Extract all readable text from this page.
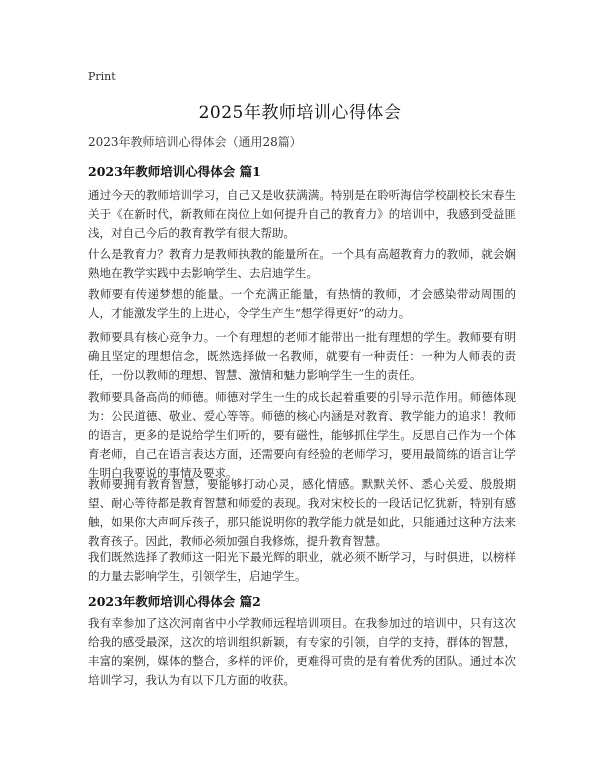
Print
2025年教师培训心得体会
2023年教师培训心得体会（通用28篇）
2023年教师培训心得体会 篇1
通过今天的教师培训学习，自己又是收获满满。特别是在聆听海信学校副校长宋春生关于《在新时代，新教师在岗位上如何提升自己的教育力》的培训中，我感到受益匪浅，对自己今后的教育教学有很大帮助。
什么是教育力？教育力是教师执教的能量所在。一个具有高超教育力的教师，就会娴熟地在教学实践中去影响学生、去启迪学生。
教师要有传递梦想的能量。一个充满正能量，有热情的教师，才会感染带动周围的人，才能激发学生的上进心，令学生产生“想学得更好”的动力。
教师要具有核心竞争力。一个有理想的老师才能带出一批有理想的学生。教师要有明确且坚定的理想信念，既然选择做一名教师，就要有一种责任：一种为人师表的责任，一份以教师的理想、智慧、激情和魅力影响学生一生的责任。
教师要具备高尚的师德。师德对学生一生的成长起着重要的引导示范作用。师德体现为：公民道德、敬业、爱心等等。师德的核心内涵是对教育、教学能力的追求！教师的语言，更多的是说给学生们听的，要有磁性，能够抓住学生。反思自己作为一个体育老师，自己在语言表达方面，还需要向有经验的老师学习，要用最简练的语言让学生明白我要说的事情及要求。
教师要拥有教育智慧，要能够打动心灵，感化情感。默默关怀、悉心关爱、殷殷期望、耐心等待都是教育智慧和师爱的表现。我对宋校长的一段话记忆犹新，特别有感触，如果你大声呵斥孩子，那只能说明你的教学能力就是如此，只能通过这种方法来教育孩子。因此，教师必须加强自我修炼，提升教育智慧。
我们既然选择了教师这一阳光下最光辉的职业，就必须不断学习，与时俱进，以榜样的力量去影响学生，引领学生，启迪学生。
2023年教师培训心得体会 篇2
我有幸参加了这次河南省中小学教师远程培训项目。在我参加过的培训中，只有这次给我的感受最深，这次的培训组织新颖，有专家的引领，自学的支持，群体的智慧，丰富的案例，媒体的整合，多样的评价，更难得可贵的是有着优秀的团队。通过本次培训学习，我认为有以下几方面的收获。
